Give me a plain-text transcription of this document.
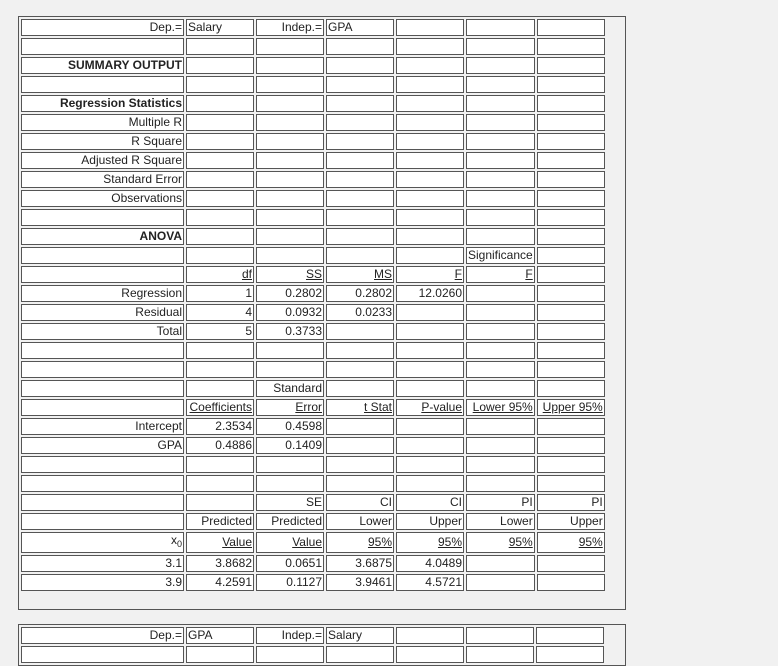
Dep.=	Salary	Indep.=	GPA			

SUMMARY OUTPUT						

Regression Statistics						
Multiple R						
R Square						
Adjusted R Square						
Standard Error						
Observations						

ANOVA						
					Significance	
	df	SS	MS	F	F	
Regression	1	0.2802	0.2802	12.0260		
Residual	4	0.0932	0.0233			
Total	5	0.3733				

		Standard				
	Coefficients	Error	t Stat	P-value	Lower 95%	Upper 95%
Intercept	2.3534	0.4598				
GPA	0.4886	0.1409				

		SE	CI	CI	PI	PI
	Predicted	Predicted	Lower	Upper	Lower	Upper
$x_0$	Value	Value	95%	95%	95%	95%
3.1	3.8682	0.0651	3.6875	4.0489		
3.9	4.2591	0.1127	3.9461	4.5721		
Dep.=	GPA	Indep.=	Salary			
